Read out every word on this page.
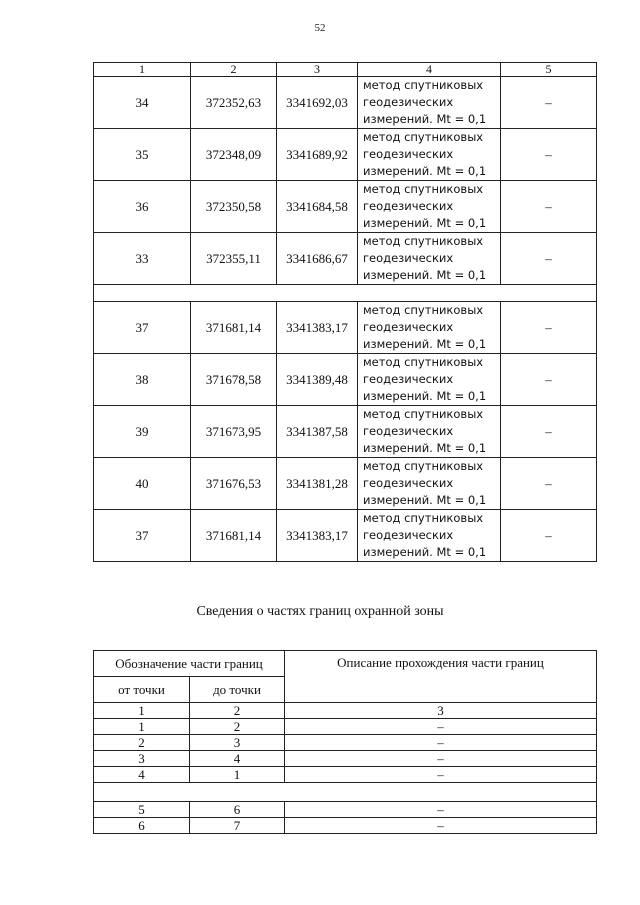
52
1	2	3	4	5
34	372352,63	3341692,03	метод спутниковых
геодезических
измерений. Mt = 0,1	–
35	372348,09	3341689,92	метод спутниковых
геодезических
измерений. Mt = 0,1	–
36	372350,58	3341684,58	метод спутниковых
геодезических
измерений. Mt = 0,1	–
33	372355,11	3341686,67	метод спутниковых
геодезических
измерений. Mt = 0,1	–

37	371681,14	3341383,17	метод спутниковых
геодезических
измерений. Mt = 0,1	–
38	371678,58	3341389,48	метод спутниковых
геодезических
измерений. Mt = 0,1	–
39	371673,95	3341387,58	метод спутниковых
геодезических
измерений. Mt = 0,1	–
40	371676,53	3341381,28	метод спутниковых
геодезических
измерений. Mt = 0,1	–
37	371681,14	3341383,17	метод спутниковых
геодезических
измерений. Mt = 0,1	–
Сведения о частях границ охранной зоны
Обозначение части границ		Описание прохождения части границ
от точки	до точки	
1	2	3
1	2	–
2	3	–
3	4	–
4	1	–

5	6	–
6	7	–
